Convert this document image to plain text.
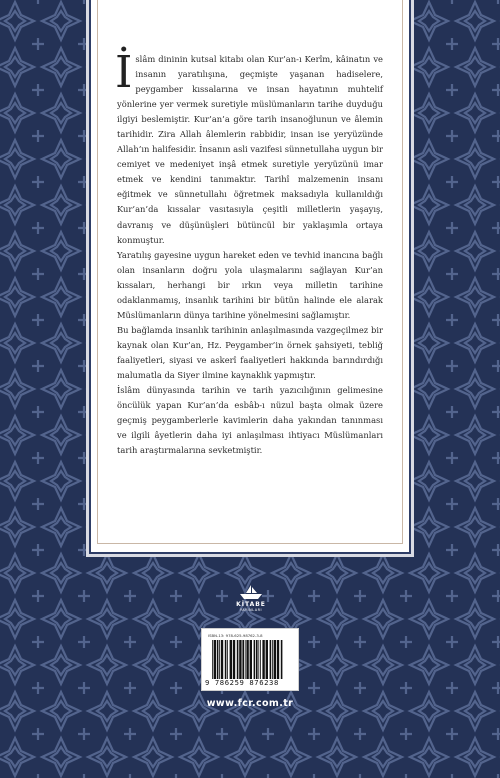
İslâm dininin kutsal kitabı olan Kur’an-ı Kerîm, kâinatın ve insanın yaratılışına, geçmişte yaşanan hadiselere, peygamber kıssalarına ve insan hayatının muhtelif yönlerine yer vermek suretiyle müslümanların tarihe duyduğu ilgiyi beslemiştir. Kur’an’a göre tarih insanoğlunun ve âlemin tarihidir. Zira Allah âlemlerin rabbidir, insan ise yeryüzünde Allah’ın halifesidir. İnsanın asli vazifesi sünnetullaha uygun bir cemiyet ve medeniyet inşâ etmek suretiyle yeryüzünü imar etmek ve kendini tanımaktır. Tarihî malzemenin insanı eğitmek ve sünnetullahı öğretmek maksadıyla kullanıldığı Kur’an’da kıssalar vasıtasıyla çeşitli milletlerin yaşayış, davranış ve düşünüşleri bütüncül bir yaklaşımla ortaya konmuştur.

Yaratılış gayesine uygun hareket eden ve tevhid inancına bağlı olan insanların doğru yola ulaşmalarını sağlayan Kur’an kıssaları, herhangi bir ırkın veya milletin tarihine odaklanmamış, insanlık tarihini bir bütün halinde ele alarak Müslümanların dünya tarihine yönelmesini sağlamıştır.

Bu bağlamda insanlık tarihinin anlaşılmasında vazgeçilmez bir kaynak olan Kur’an, Hz. Peygamber’in örnek şahsiyeti, tebliğ faaliyetleri, siyasi ve askerî faaliyetleri hakkında barındırdığı malumatla da Siyer ilmine kaynaklık yapmıştır.

İslâm dünyasında tarihin ve tarih yazıcılığının gelimesine öncülük yapan Kur’an’da esbâb-ı nüzul başta olmak üzere geçmiş peygamberlerle kavimlerin daha yakından tanınması ve ilgili âyetlerin daha iyi anlaşılması ihtiyacı Müslümanları tarih araştırmalarına sevketmiştir.

KİTABE
YAYINLARI
ISBN-13: 978-625-98762-3-8
9 786259 876238
www.fcr.com.tr
